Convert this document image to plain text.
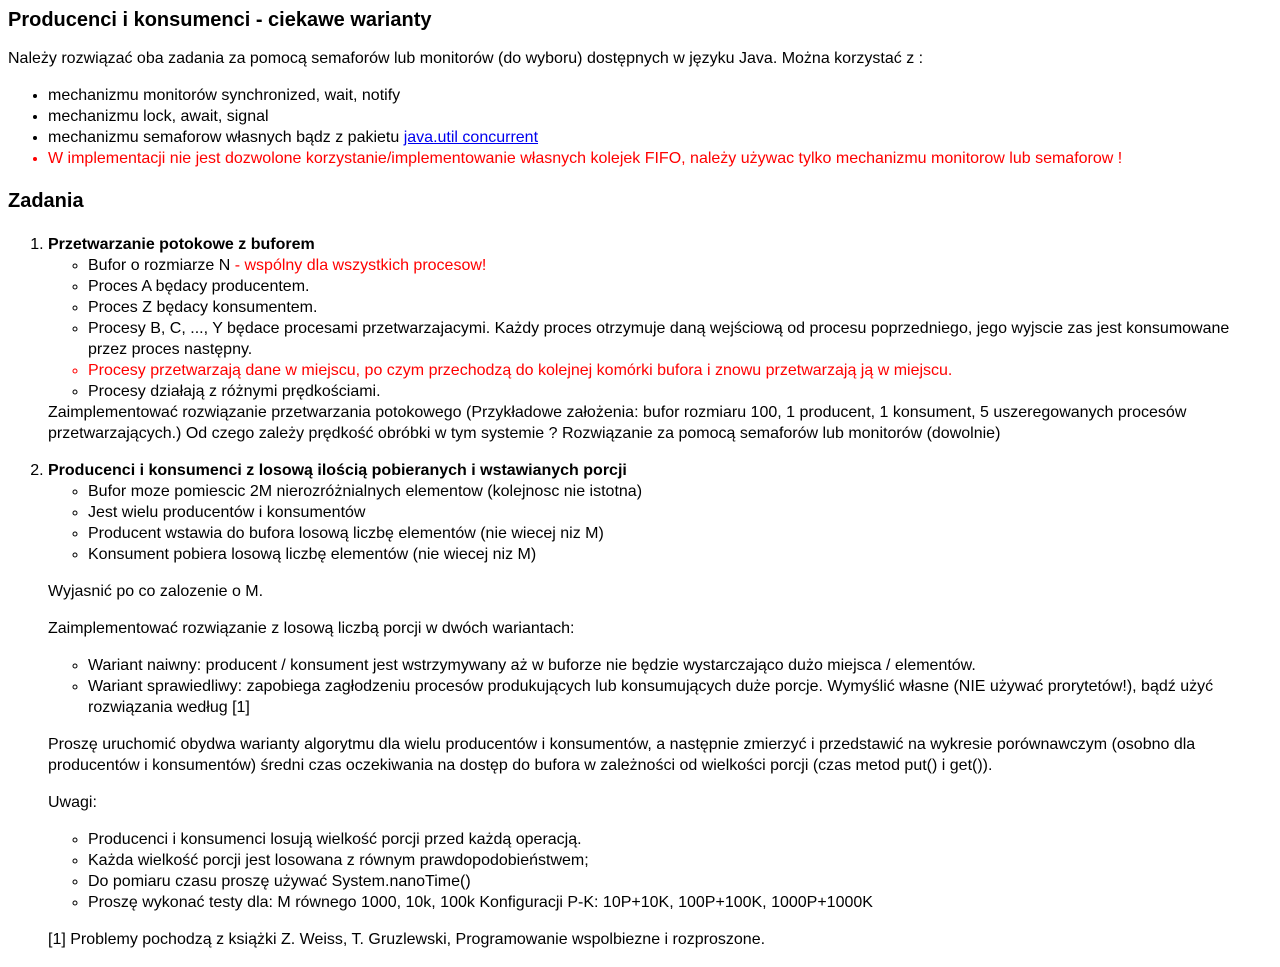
Producenci i konsumenci - ciekawe warianty

Należy rozwiązać oba zadania za pomocą semaforów lub monitorów (do wyboru) dostępnych w języku Java. Można korzystać z :

• mechanizmu monitorów synchronized, wait, notify
• mechanizmu lock, await, signal
• mechanizmu semaforow własnych bądz z pakietu java.util concurrent
• W implementacji nie jest dozwolone korzystanie/implementowanie własnych kolejek FIFO, należy używac tylko mechanizmu monitorow lub semaforow !
Zadania
1. Przetwarzanie potokowe z buforem
◦ Bufor o rozmiarze N - wspólny dla wszystkich procesow!
◦ Proces A będacy producentem.
◦ Proces Z będacy konsumentem.
◦ Procesy B, C, ..., Y będace procesami przetwarzajacymi. Każdy proces otrzymuje daną wejściową od procesu poprzedniego, jego wyjscie zas jest konsumowane przez proces następny.
◦ Procesy przetwarzają dane w miejscu, po czym przechodzą do kolejnej komórki bufora i znowu przetwarzają ją w miejscu.
◦ Procesy działają z różnymi prędkościami.
Zaimplementować rozwiązanie przetwarzania potokowego (Przykładowe założenia: bufor rozmiaru 100, 1 producent, 1 konsument, 5 uszeregowanych procesów przetwarzających.) Od czego zależy prędkość obróbki w tym systemie ? Rozwiązanie za pomocą semaforów lub monitorów (dowolnie)
2. Producenci i konsumenci z losową ilością pobieranych i wstawianych porcji
◦ Bufor moze pomiescic 2M nierozróżnialnych elementow (kolejnosc nie istotna)
◦ Jest wielu producentów i konsumentów
◦ Producent wstawia do bufora losową liczbę elementów (nie wiecej niz M)
◦ Konsument pobiera losową liczbę elementów (nie wiecej niz M)

Wyjasnić po co zalozenie o M.

Zaimplementować rozwiązanie z losową liczbą porcji w dwóch wariantach:

◦ Wariant naiwny: producent / konsument jest wstrzymywany aż w buforze nie będzie wystarczająco dużo miejsca / elementów.
◦ Wariant sprawiedliwy: zapobiega zagłodzeniu procesów produkujących lub konsumujących duże porcje. Wymyślić własne (NIE używać prorytetów!), bądź użyć rozwiązania według [1]

Proszę uruchomić obydwa warianty algorytmu dla wielu producentów i konsumentów, a następnie zmierzyć i przedstawić na wykresie porównawczym (osobno dla producentów i konsumentów) średni czas oczekiwania na dostęp do bufora w zależności od wielkości porcji (czas metod put() i get()).

Uwagi:

◦ Producenci i konsumenci losują wielkość porcji przed każdą operacją.
◦ Każda wielkość porcji jest losowana z równym prawdopodobieństwem;
◦ Do pomiaru czasu proszę używać System.nanoTime()
◦ Proszę wykonać testy dla: M równego 1000, 10k, 100k Konfiguracji P-K: 10P+10K, 100P+100K, 1000P+1000K

[1] Problemy pochodzą z książki Z. Weiss, T. Gruzlewski, Programowanie wspolbiezne i rozproszone.
